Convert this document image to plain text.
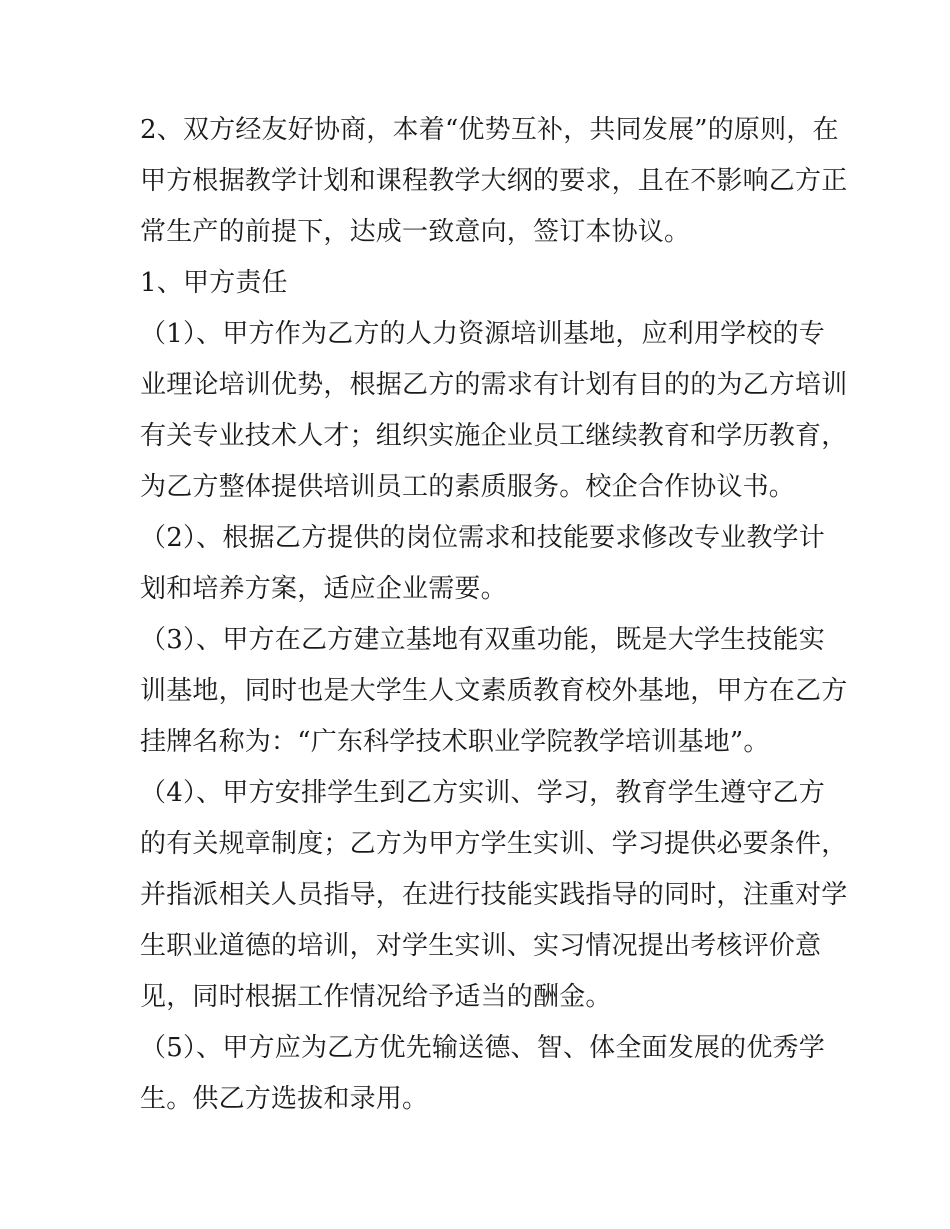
2、双方经友好协商，本着“优势互补，共同发展”的原则，在
甲方根据教学计划和课程教学大纲的要求，且在不影响乙方正
常生产的前提下，达成一致意向，签订本协议。
1、甲方责任
（1）、甲方作为乙方的人力资源培训基地，应利用学校的专
业理论培训优势，根据乙方的需求有计划有目的的为乙方培训
有关专业技术人才；组织实施企业员工继续教育和学历教育，
为乙方整体提供培训员工的素质服务。校企合作协议书。
（2）、根据乙方提供的岗位需求和技能要求修改专业教学计
划和培养方案，适应企业需要。
（3）、甲方在乙方建立基地有双重功能，既是大学生技能实
训基地，同时也是大学生人文素质教育校外基地，甲方在乙方
挂牌名称为：“广东科学技术职业学院教学培训基地”。
（4）、甲方安排学生到乙方实训、学习，教育学生遵守乙方
的有关规章制度；乙方为甲方学生实训、学习提供必要条件，
并指派相关人员指导，在进行技能实践指导的同时，注重对学
生职业道德的培训，对学生实训、实习情况提出考核评价意
见，同时根据工作情况给予适当的酬金。
（5）、甲方应为乙方优先输送德、智、体全面发展的优秀学
生。供乙方选拔和录用。
